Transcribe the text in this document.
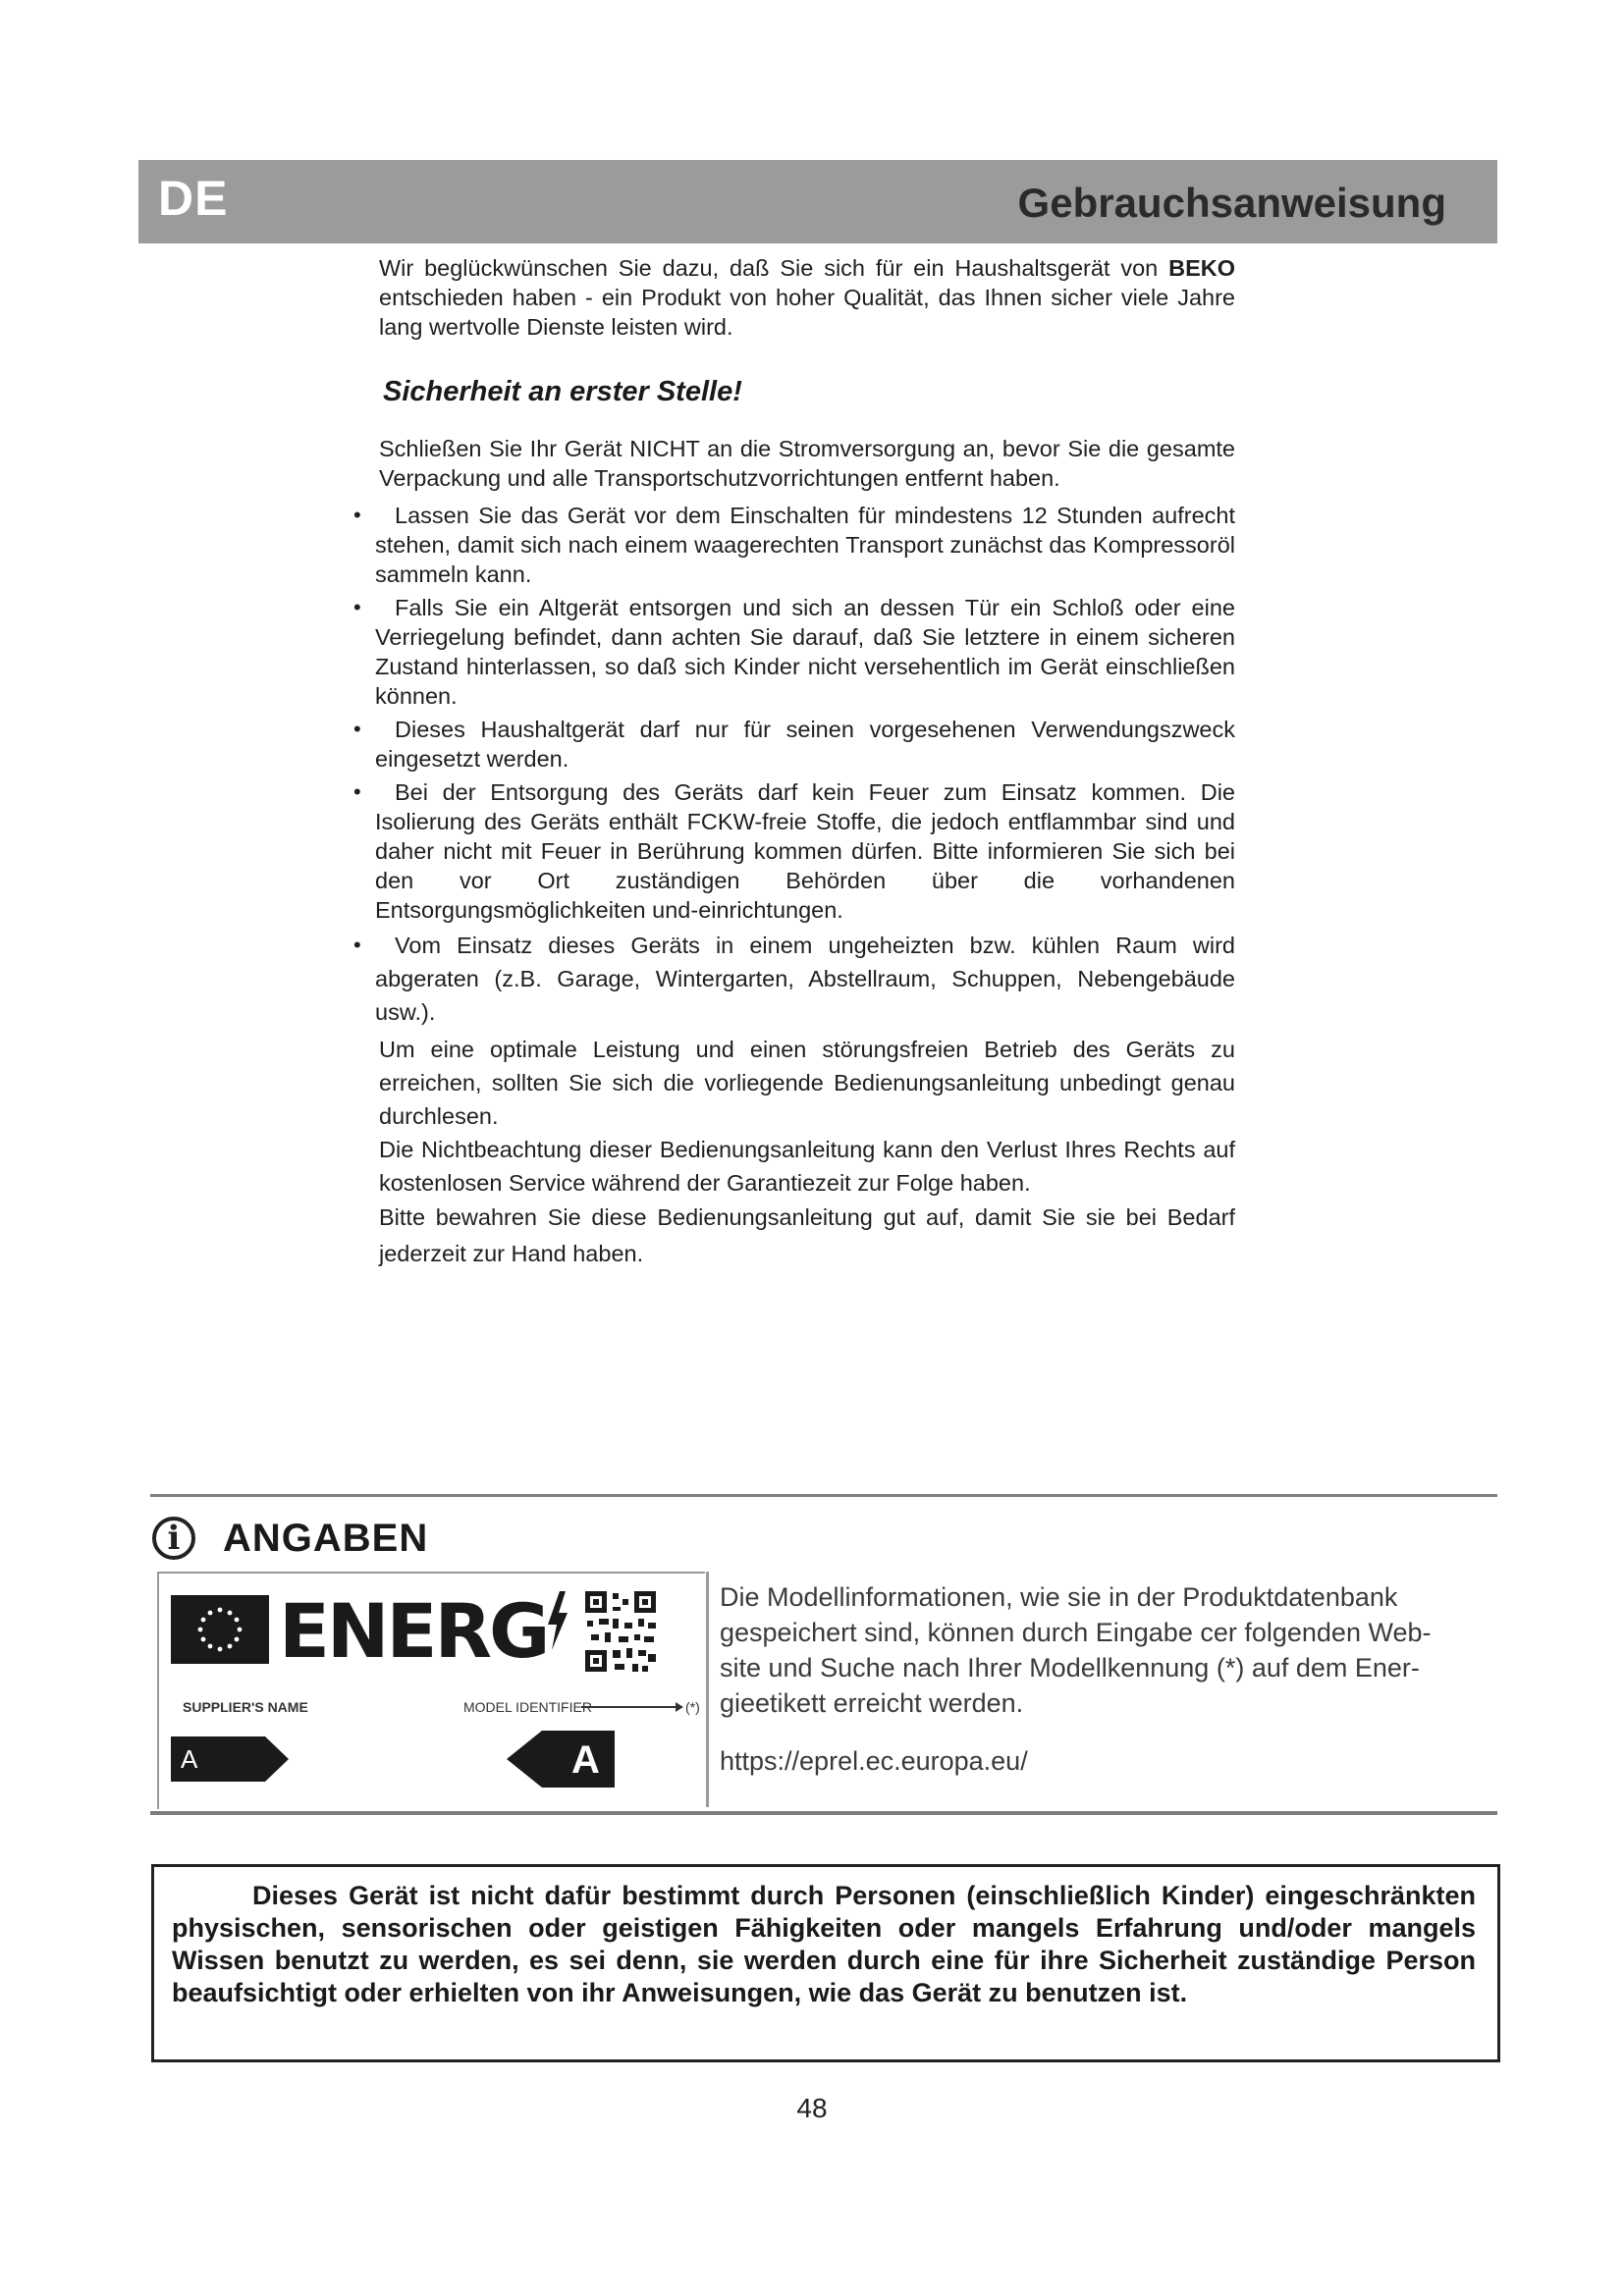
DE	Gebrauchsanweisung

Wir beglückwünschen Sie dazu, daß Sie sich für ein Haushaltsgerät von BEKO entschieden haben - ein Produkt von hoher Qualität, das Ihnen sicher viele Jahre lang wertvolle Dienste leisten wird.

Sicherheit an erster Stelle!

Schließen Sie Ihr Gerät NICHT an die Stromversorgung an, bevor Sie die gesamte Verpackung und alle Transportschutzvorrichtungen entfernt haben.

• Lassen Sie das Gerät vor dem Einschalten für mindestens 12 Stunden aufrecht stehen, damit sich nach einem waagerechten Transport zunächst das Kompressoröl sammeln kann.
• Falls Sie ein Altgerät entsorgen und sich an dessen Tür ein Schloß oder eine Verriegelung befindet, dann achten Sie darauf, daß Sie letztere in einem sicheren Zustand hinterlassen, so daß sich Kinder nicht versehentlich im Gerät einschließen können.
• Dieses Haushaltgerät darf nur für seinen vorgesehenen Verwendungszweck eingesetzt werden.
• Bei der Entsorgung des Geräts darf kein Feuer zum Einsatz kommen. Die Isolierung des Geräts enthält FCKW-freie Stoffe, die jedoch entflammbar sind und daher nicht mit Feuer in Berührung kommen dürfen. Bitte informieren Sie sich bei den vor Ort zuständigen Behörden über die vorhandenen Entsorgungsmöglichkeiten und-einrichtungen.
• Vom Einsatz dieses Geräts in einem ungeheizten bzw. kühlen Raum wird abgeraten (z.B. Garage, Wintergarten, Abstellraum, Schuppen, Nebengebäude usw.).

Um eine optimale Leistung und einen störungsfreien Betrieb des Geräts zu erreichen, sollten Sie sich die vorliegende Bedienungsanleitung unbedingt genau durchlesen.

Die Nichtbeachtung dieser Bedienungsanleitung kann den Verlust Ihres Rechts auf kostenlosen Service während der Garantiezeit zur Folge haben.

Bitte bewahren Sie diese Bedienungsanleitung gut auf, damit Sie sie bei Bedarf jederzeit zur Hand haben.

i	ANGABEN
ENERG
SUPPLIER'S NAME	MODEL IDENTIFIER	(*)
A	A
Die Modellinformationen, wie sie in der Produktdatenbank gespeichert sind, können durch Eingabe cer folgenden Web-site und Suche nach Ihrer Modellkennung (*) auf dem Ener-gieetikett erreicht werden.
https://eprel.ec.europa.eu/
Dieses Gerät ist nicht dafür bestimmt durch Personen (einschließlich Kinder) eingeschränkten physischen, sensorischen oder geistigen Fähigkeiten oder mangels Erfahrung und/oder mangels Wissen benutzt zu werden, es sei denn, sie werden durch eine für ihre Sicherheit zuständige Person beaufsichtigt oder erhielten von ihr Anweisungen, wie das Gerät zu benutzen ist.
48
